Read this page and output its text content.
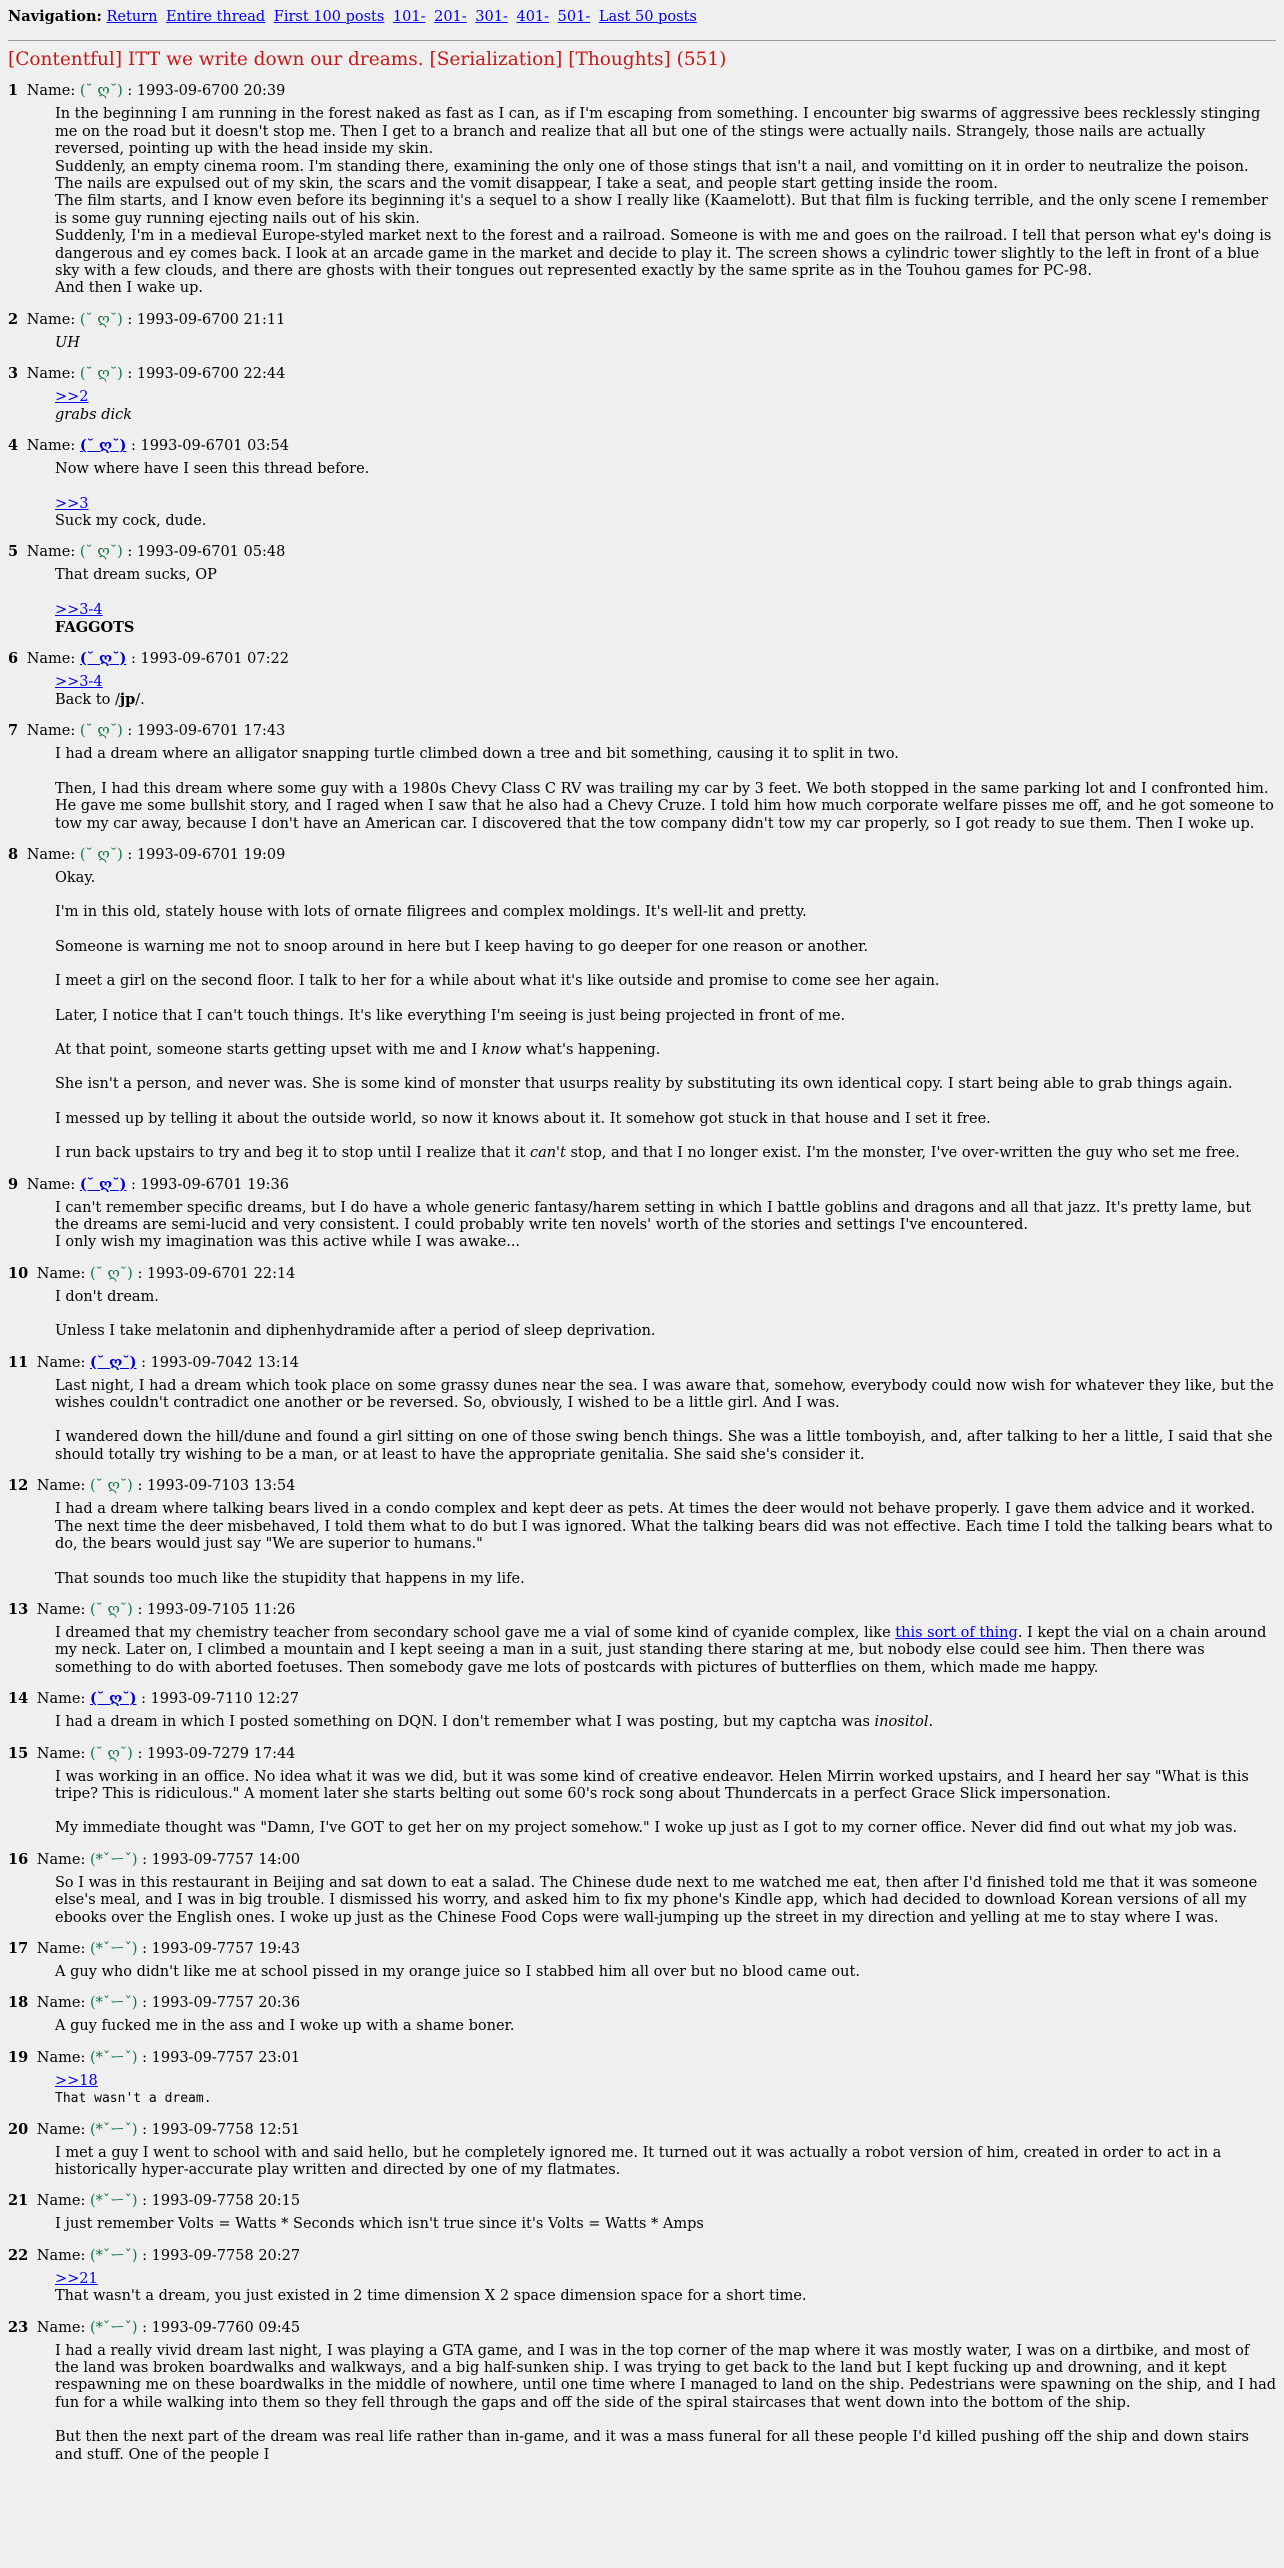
Navigation: Return Entire thread First 100 posts 101- 201- 301- 401- 501- Last 50 posts
[Contentful] ITT we write down our dreams. [Serialization] [Thoughts] (551)
1 Name: (˘ ღ˘) : 1993-09-6700 20:39
In the beginning I am running in the forest naked as fast as I can, as if I'm escaping from something. I encounter big swarms of aggressive bees recklessly stinging me on the road but it doesn't stop me. Then I get to a branch and realize that all but one of the stings were actually nails. Strangely, those nails are actually reversed, pointing up with the head inside my skin.
Suddenly, an empty cinema room. I'm standing there, examining the only one of those stings that isn't a nail, and vomitting on it in order to neutralize the poison. The nails are expulsed out of my skin, the scars and the vomit disappear, I take a seat, and people start getting inside the room.
The film starts, and I know even before its beginning it's a sequel to a show I really like (Kaamelott). But that film is fucking terrible, and the only scene I remember is some guy running ejecting nails out of his skin.
Suddenly, I'm in a medieval Europe-styled market next to the forest and a railroad. Someone is with me and goes on the railroad. I tell that person what ey's doing is dangerous and ey comes back. I look at an arcade game in the market and decide to play it. The screen shows a cylindric tower slightly to the left in front of a blue sky with a few clouds, and there are ghosts with their tongues out represented exactly by the same sprite as in the Touhou games for PC-98.
And then I wake up.
2 Name: (˘ ღ˘) : 1993-09-6700 21:11
UH
3 Name: (˘ ღ˘) : 1993-09-6700 22:44
>>2
grabs dick
4 Name: (˘ ღ˘) : 1993-09-6701 03:54
Now where have I seen this thread before.
>>3
Suck my cock, dude.
5 Name: (˘ ღ˘) : 1993-09-6701 05:48
That dream sucks, OP
>>3-4
FAGGOTS
6 Name: (˘ ღ˘) : 1993-09-6701 07:22
>>3-4
Back to /jp/.
7 Name: (˘ ღ˘) : 1993-09-6701 17:43
I had a dream where an alligator snapping turtle climbed down a tree and bit something, causing it to split in two.
Then, I had this dream where some guy with a 1980s Chevy Class C RV was trailing my car by 3 feet. We both stopped in the same parking lot and I confronted him. He gave me some bullshit story, and I raged when I saw that he also had a Chevy Cruze. I told him how much corporate welfare pisses me off, and he got someone to tow my car away, because I don't have an American car. I discovered that the tow company didn't tow my car properly, so I got ready to sue them. Then I woke up.
8 Name: (˘ ღ˘) : 1993-09-6701 19:09
Okay.
I'm in this old, stately house with lots of ornate filigrees and complex moldings. It's well-lit and pretty.
Someone is warning me not to snoop around in here but I keep having to go deeper for one reason or another.
I meet a girl on the second floor. I talk to her for a while about what it's like outside and promise to come see her again.
Later, I notice that I can't touch things. It's like everything I'm seeing is just being projected in front of me.
At that point, someone starts getting upset with me and I know what's happening.
She isn't a person, and never was. She is some kind of monster that usurps reality by substituting its own identical copy. I start being able to grab things again.
I messed up by telling it about the outside world, so now it knows about it. It somehow got stuck in that house and I set it free.
I run back upstairs to try and beg it to stop until I realize that it can't stop, and that I no longer exist. I'm the monster, I've over-written the guy who set me free.
9 Name: (˘ ღ˘) : 1993-09-6701 19:36
I can't remember specific dreams, but I do have a whole generic fantasy/harem setting in which I battle goblins and dragons and all that jazz. It's pretty lame, but the dreams are semi-lucid and very consistent. I could probably write ten novels' worth of the stories and settings I've encountered.
I only wish my imagination was this active while I was awake...
10 Name: (˘ ღ˘) : 1993-09-6701 22:14
I don't dream.
Unless I take melatonin and diphenhydramide after a period of sleep deprivation.
11 Name: (˘ ღ˘) : 1993-09-7042 13:14
Last night, I had a dream which took place on some grassy dunes near the sea. I was aware that, somehow, everybody could now wish for whatever they like, but the wishes couldn't contradict one another or be reversed. So, obviously, I wished to be a little girl. And I was.
I wandered down the hill/dune and found a girl sitting on one of those swing bench things. She was a little tomboyish, and, after talking to her a little, I said that she should totally try wishing to be a man, or at least to have the appropriate genitalia. She said she's consider it.
12 Name: (˘ ღ˘) : 1993-09-7103 13:54
I had a dream where talking bears lived in a condo complex and kept deer as pets. At times the deer would not behave properly. I gave them advice and it worked. The next time the deer misbehaved, I told them what to do but I was ignored. What the talking bears did was not effective. Each time I told the talking bears what to do, the bears would just say "We are superior to humans."
That sounds too much like the stupidity that happens in my life.
13 Name: (˘ ღ˘) : 1993-09-7105 11:26
I dreamed that my chemistry teacher from secondary school gave me a vial of some kind of cyanide complex, like this sort of thing. I kept the vial on a chain around my neck. Later on, I climbed a mountain and I kept seeing a man in a suit, just standing there staring at me, but nobody else could see him. Then there was something to do with aborted foetuses. Then somebody gave me lots of postcards with pictures of butterflies on them, which made me happy.
14 Name: (˘ ღ˘) : 1993-09-7110 12:27
I had a dream in which I posted something on DQN. I don't remember what I was posting, but my captcha was inositol.
15 Name: (˘ ღ˘) : 1993-09-7279 17:44
I was working in an office. No idea what it was we did, but it was some kind of creative endeavor. Helen Mirrin worked upstairs, and I heard her say "What is this tripe? This is ridiculous." A moment later she starts belting out some 60's rock song about Thundercats in a perfect Grace Slick impersonation.
My immediate thought was "Damn, I've GOT to get her on my project somehow." I woke up just as I got to my corner office. Never did find out what my job was.
16 Name: (*ˇーˇ) : 1993-09-7757 14:00
So I was in this restaurant in Beijing and sat down to eat a salad. The Chinese dude next to me watched me eat, then after I'd finished told me that it was someone else's meal, and I was in big trouble. I dismissed his worry, and asked him to fix my phone's Kindle app, which had decided to download Korean versions of all my ebooks over the English ones. I woke up just as the Chinese Food Cops were wall-jumping up the street in my direction and yelling at me to stay where I was.
17 Name: (*ˇーˇ) : 1993-09-7757 19:43
A guy who didn't like me at school pissed in my orange juice so I stabbed him all over but no blood came out.
18 Name: (*ˇーˇ) : 1993-09-7757 20:36
A guy fucked me in the ass and I woke up with a shame boner.
19 Name: (*ˇーˇ) : 1993-09-7757 23:01
>>18
That wasn't a dream.
20 Name: (*ˇーˇ) : 1993-09-7758 12:51
I met a guy I went to school with and said hello, but he completely ignored me. It turned out it was actually a robot version of him, created in order to act in a historically hyper-accurate play written and directed by one of my flatmates.
21 Name: (*ˇーˇ) : 1993-09-7758 20:15
I just remember Volts = Watts * Seconds which isn't true since it's Volts = Watts * Amps
22 Name: (*ˇーˇ) : 1993-09-7758 20:27
>>21
That wasn't a dream, you just existed in 2 time dimension X 2 space dimension space for a short time.
23 Name: (*ˇーˇ) : 1993-09-7760 09:45
I had a really vivid dream last night, I was playing a GTA game, and I was in the top corner of the map where it was mostly water, I was on a dirtbike, and most of the land was broken boardwalks and walkways, and a big half-sunken ship. I was trying to get back to the land but I kept fucking up and drowning, and it kept respawning me on these boardwalks in the middle of nowhere, until one time where I managed to land on the ship. Pedestrians were spawning on the ship, and I had fun for a while walking into them so they fell through the gaps and off the side of the spiral staircases that went down into the bottom of the ship.
But then the next part of the dream was real life rather than in-game, and it was a mass funeral for all these people I'd killed pushing off the ship and down stairs and stuff. One of the people I
